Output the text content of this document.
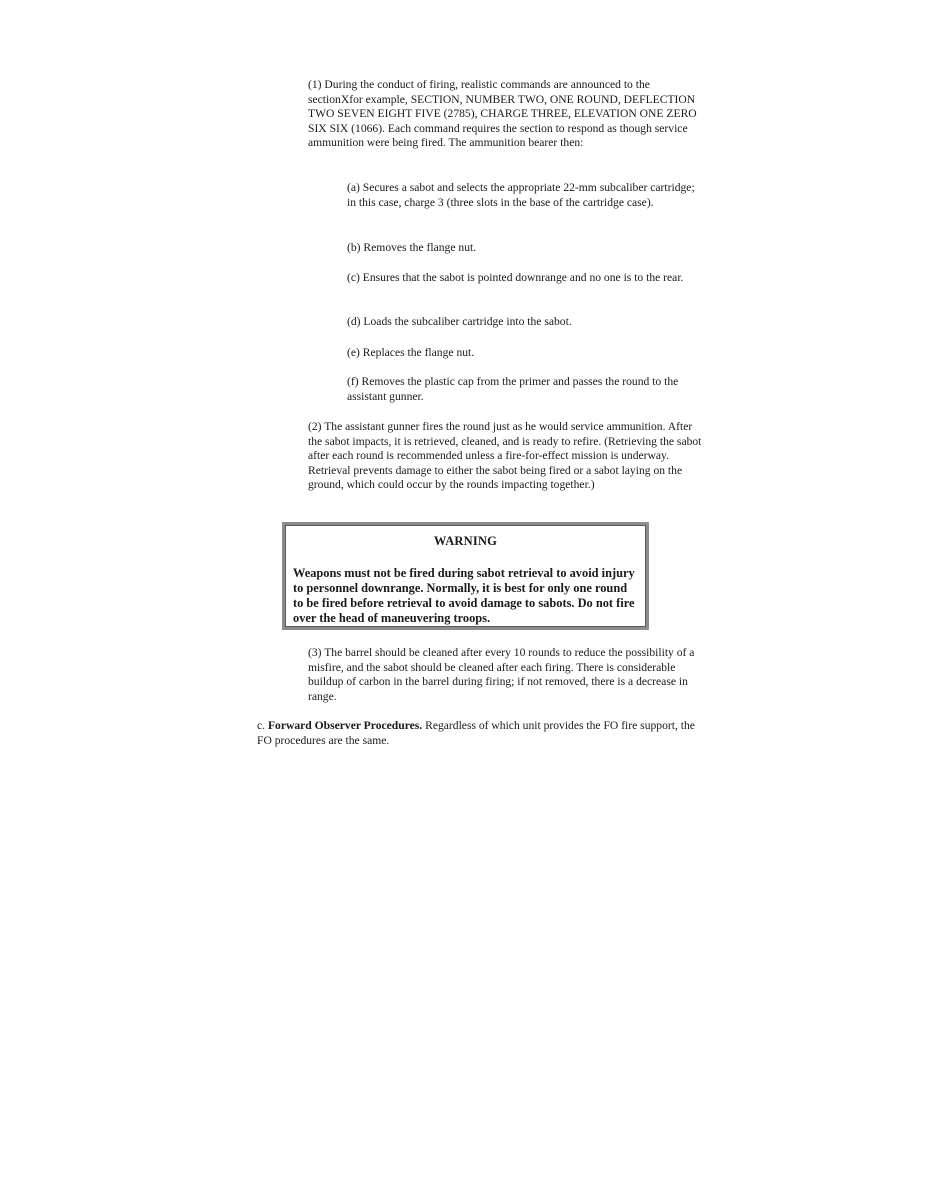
(1) During the conduct of firing, realistic commands are announced to the sectionXfor example, SECTION, NUMBER TWO, ONE ROUND, DEFLECTION TWO SEVEN EIGHT FIVE (2785), CHARGE THREE, ELEVATION ONE ZERO SIX SIX (1066). Each command requires the section to respond as though service ammunition were being fired. The ammunition bearer then:

(a) Secures a sabot and selects the appropriate 22-mm subcaliber cartridge; in this case, charge 3 (three slots in the base of the cartridge case).

(b) Removes the flange nut.

(c) Ensures that the sabot is pointed downrange and no one is to the rear.

(d) Loads the subcaliber cartridge into the sabot.

(e) Replaces the flange nut.

(f) Removes the plastic cap from the primer and passes the round to the assistant gunner.

(2) The assistant gunner fires the round just as he would service ammunition. After the sabot impacts, it is retrieved, cleaned, and is ready to refire. (Retrieving the sabot after each round is recommended unless a fire-for-effect mission is underway. Retrieval prevents damage to either the sabot being fired or a sabot laying on the ground, which could occur by the rounds impacting together.)

WARNING
Weapons must not be fired during sabot retrieval to avoid injury to personnel downrange. Normally, it is best for only one round to be fired before retrieval to avoid damage to sabots. Do not fire over the head of maneuvering troops.

(3) The barrel should be cleaned after every 10 rounds to reduce the possibility of a misfire, and the sabot should be cleaned after each firing. There is considerable buildup of carbon in the barrel during firing; if not removed, there is a decrease in range.

c. Forward Observer Procedures. Regardless of which unit provides the FO fire support, the FO procedures are the same.
